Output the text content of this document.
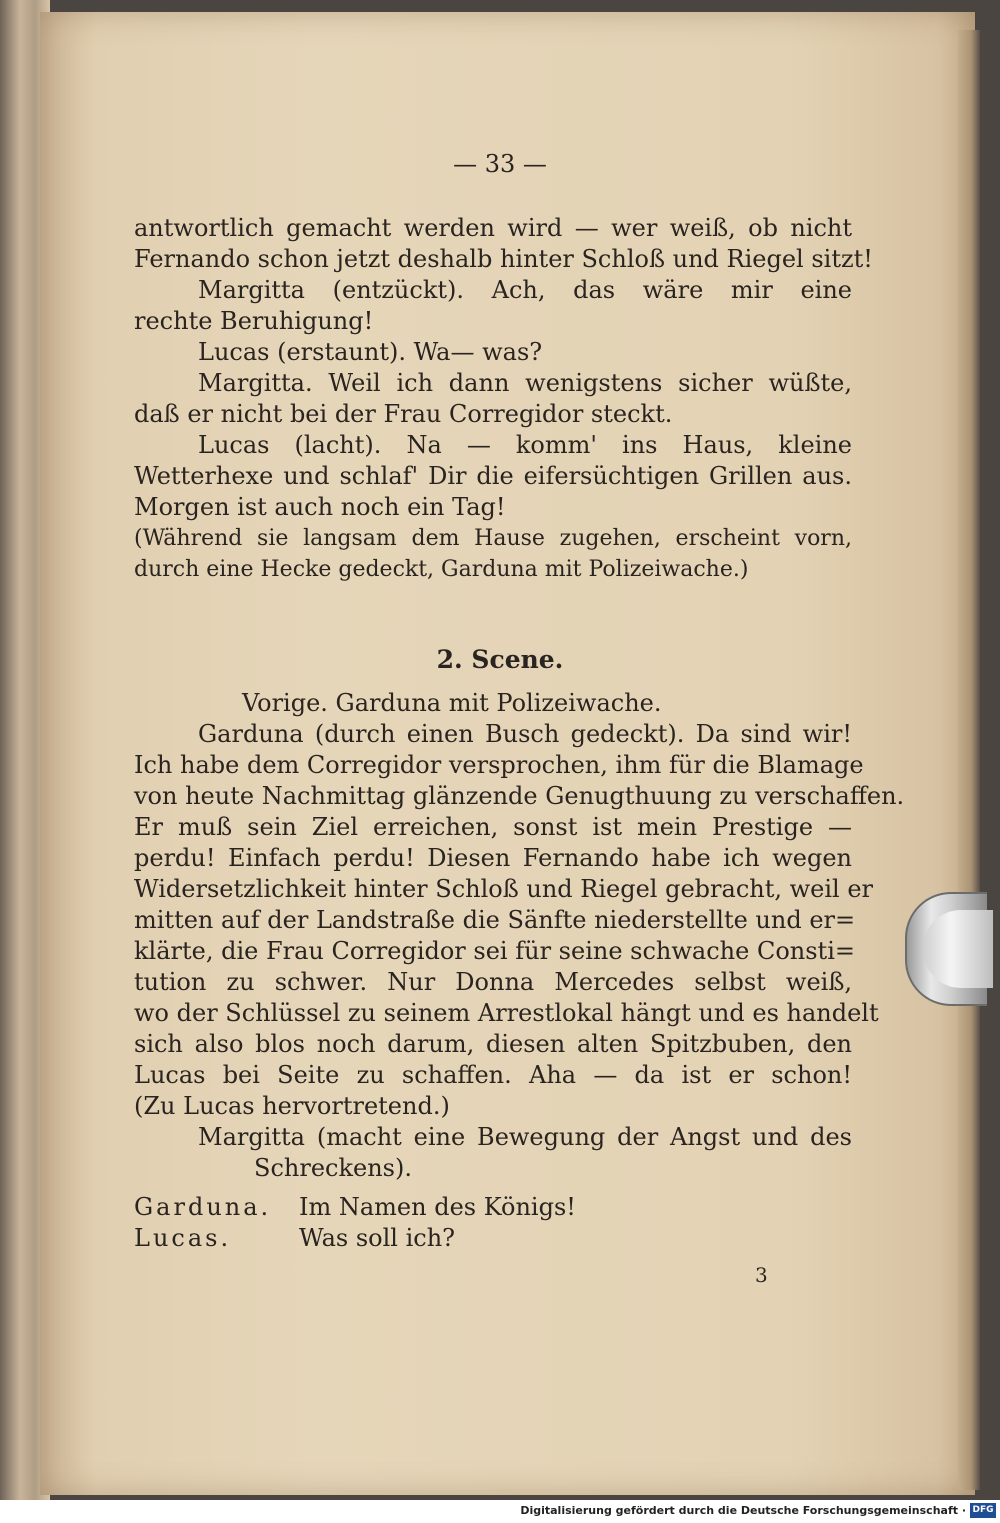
— 33 —
antwortlich gemacht werden wird — wer weiß, ob nicht
Fernando schon jetzt deshalb hinter Schloß und Riegel sitzt!
Margitta (entzückt). Ach, das wäre mir eine
rechte Beruhigung!
Lucas (erstaunt). Wa— was?
Margitta. Weil ich dann wenigstens sicher wüßte,
daß er nicht bei der Frau Corregidor steckt.
Lucas (lacht). Na — komm' ins Haus, kleine
Wetterhexe und schlaf' Dir die eifersüchtigen Grillen aus.
Morgen ist auch noch ein Tag!
(Während sie langsam dem Hause zugehen, erscheint vorn,
durch eine Hecke gedeckt, Garduna mit Polizeiwache.)
2. Scene.
Vorige. Garduna mit Polizeiwache.
Garduna (durch einen Busch gedeckt). Da sind wir!
Ich habe dem Corregidor versprochen, ihm für die Blamage
von heute Nachmittag glänzende Genugthuung zu verschaffen.
Er muß sein Ziel erreichen, sonst ist mein Prestige —
perdu! Einfach perdu! Diesen Fernando habe ich wegen
Widersetzlichkeit hinter Schloß und Riegel gebracht, weil er
mitten auf der Landstraße die Sänfte niederstellte und er=
klärte, die Frau Corregidor sei für seine schwache Consti=
tution zu schwer. Nur Donna Mercedes selbst weiß,
wo der Schlüssel zu seinem Arrestlokal hängt und es handelt
sich also blos noch darum, diesen alten Spitzbuben, den
Lucas bei Seite zu schaffen. Aha — da ist er schon!
(Zu Lucas hervortretend.)
Margitta (macht eine Bewegung der Angst und des
Schreckens).
Garduna.	Im Namen des Königs!
Lucas.	Was soll ich?
3
Digitalisierung gefördert durch die Deutsche Forschungsgemeinschaft · DFG
